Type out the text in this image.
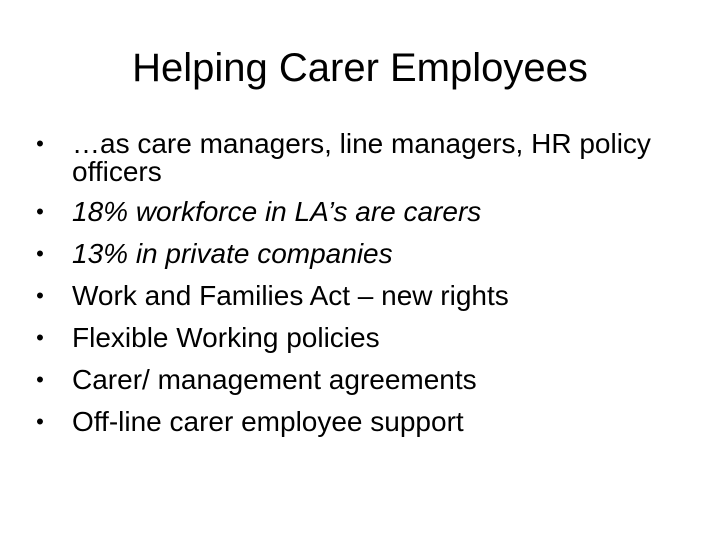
Helping Carer Employees
• …as care managers, line managers, HR policy officers
• 18% workforce in LA’s are carers
• 13% in private companies
• Work and Families Act – new rights
• Flexible Working policies
• Carer/ management agreements
• Off-line carer employee support
